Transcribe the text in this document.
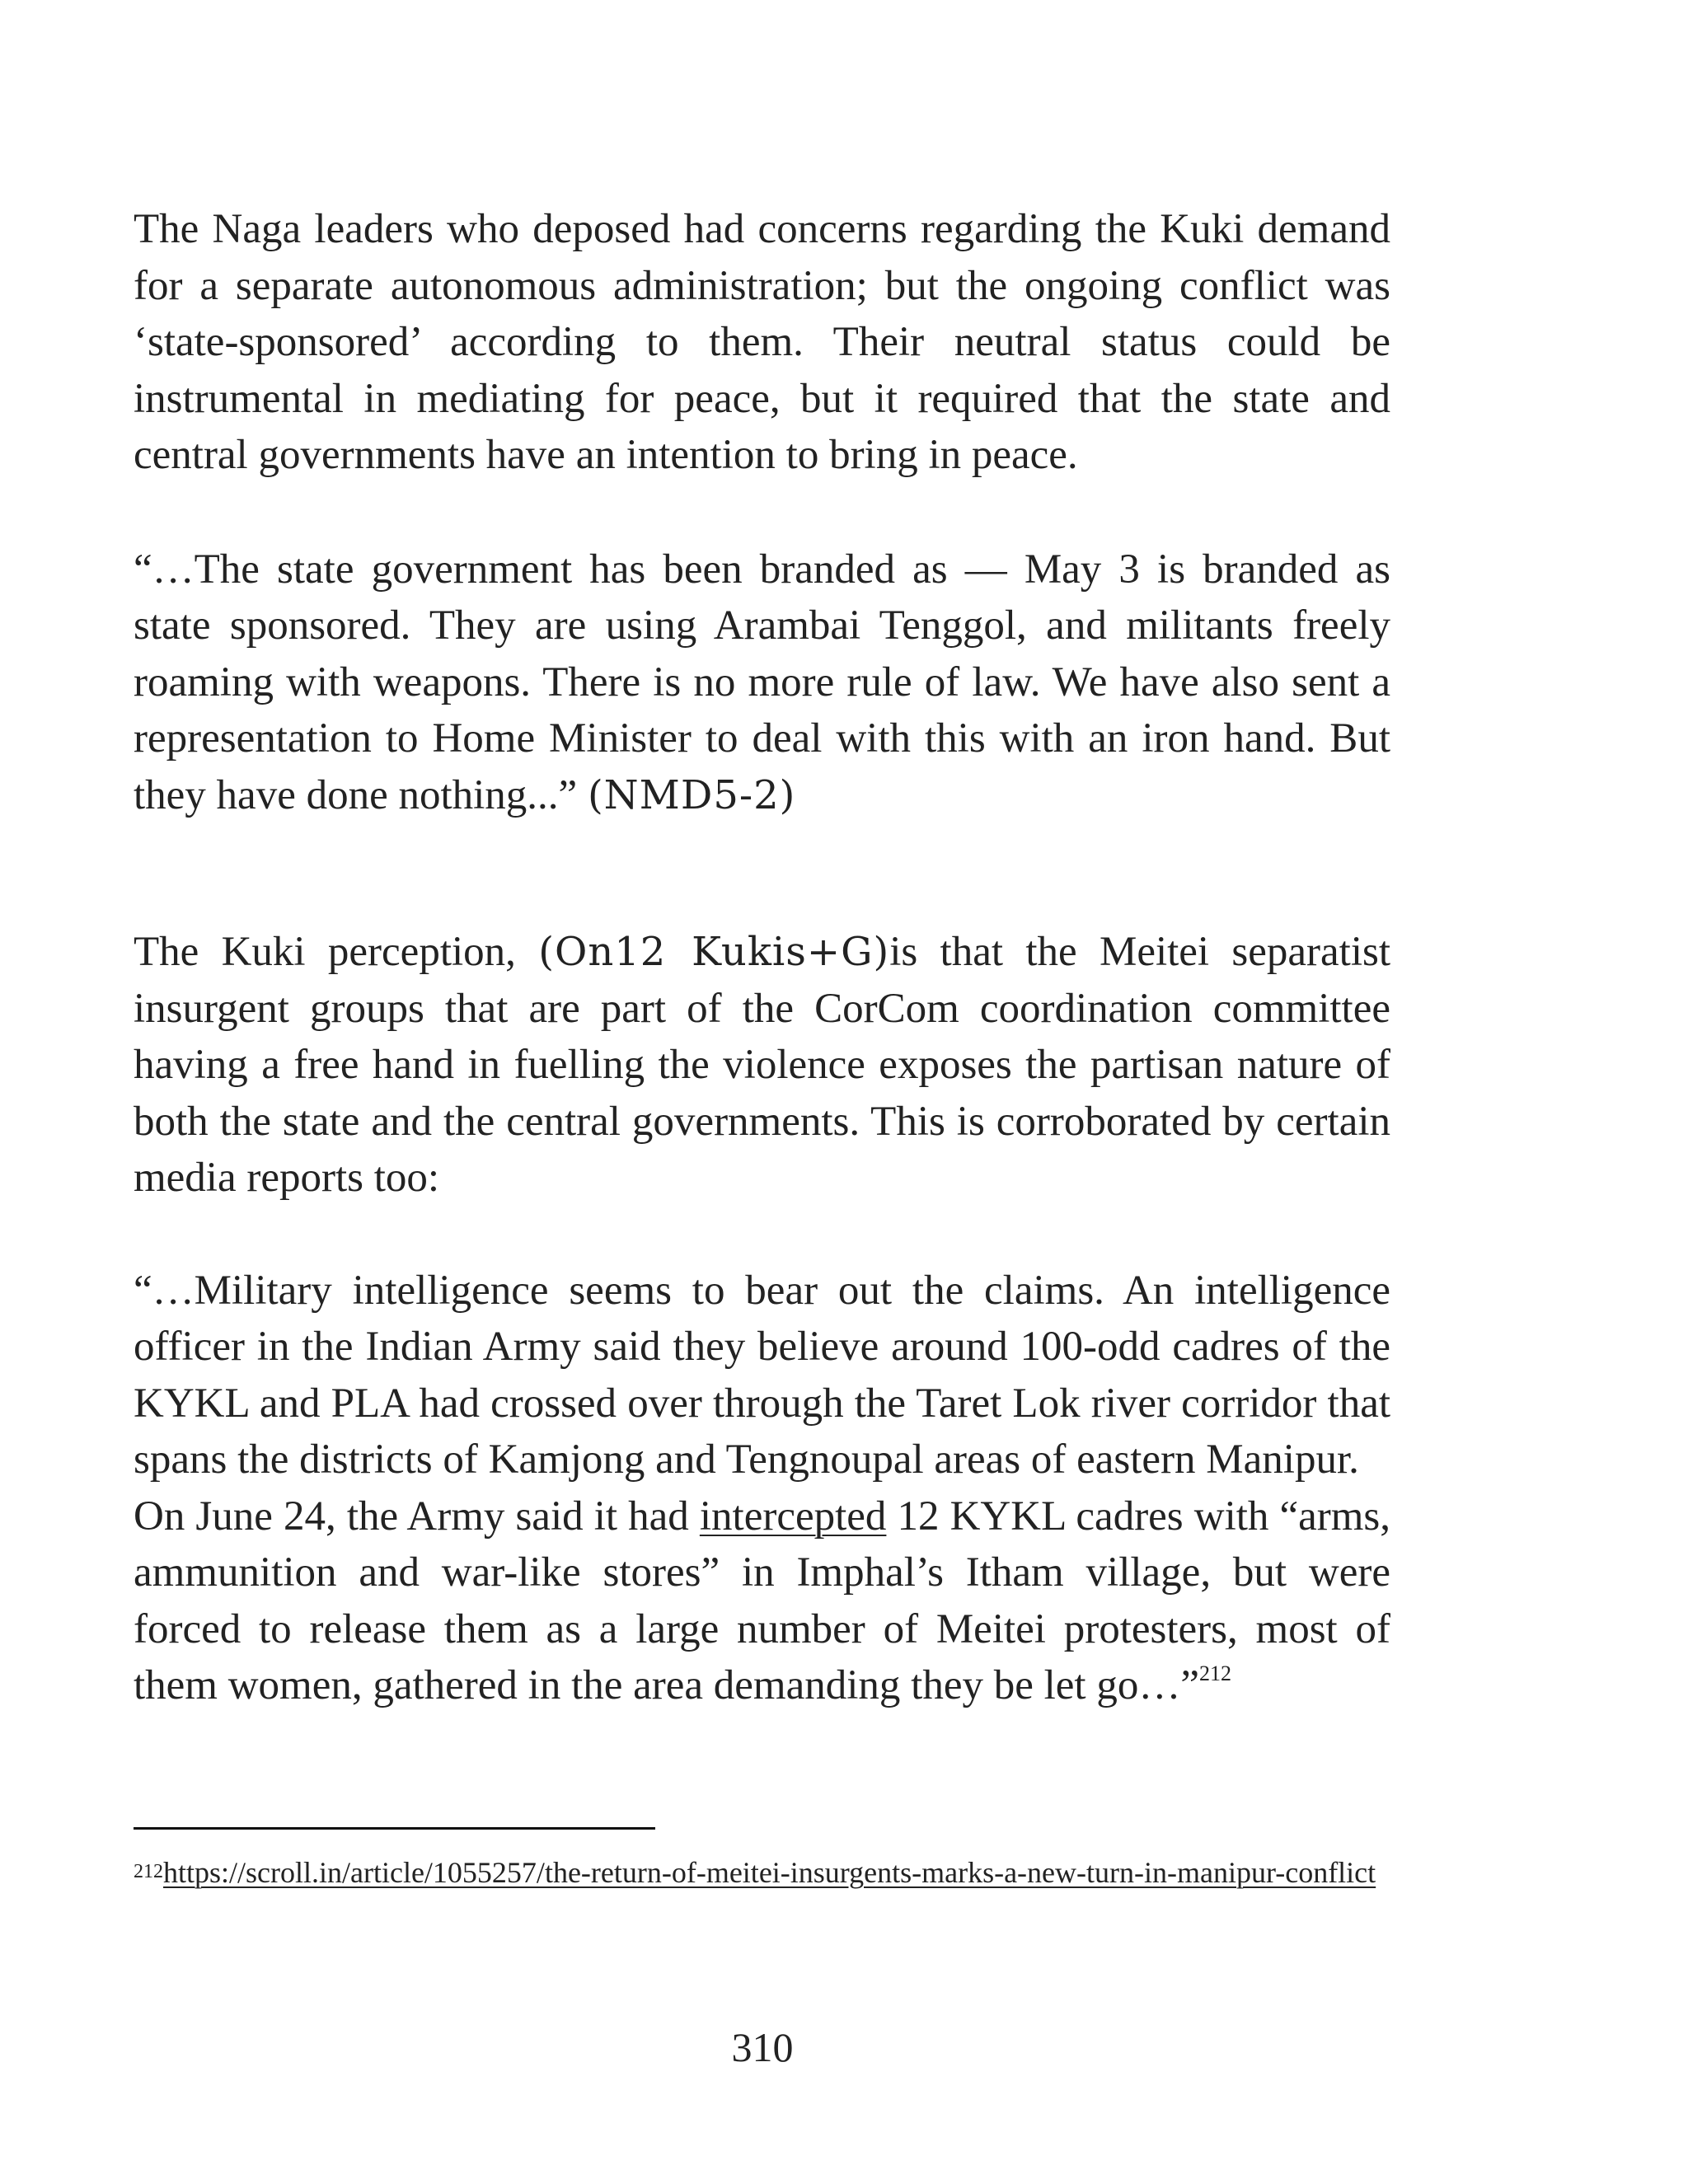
The Naga leaders who deposed had concerns regarding the Kuki demand for a separate autonomous administration; but the ongoing conflict was ‘state-sponsored’ according to them. Their neutral status could be instrumental in mediating for peace, but it required that the state and central governments have an intention to bring in peace.

“…The state government has been branded as — May 3 is branded as state sponsored. They are using Arambai Tenggol, and militants freely roaming with weapons. There is no more rule of law. We have also sent a representation to Home Minister to deal with this with an iron hand. But they have done nothing...” (NMD5-2)

The Kuki perception, (On12 Kukis+G)is that the Meitei separatist insurgent groups that are part of the CorCom coordination committee having a free hand in fuelling the violence exposes the partisan nature of both the state and the central governments. This is corroborated by certain media reports too:

“…Military intelligence seems to bear out the claims. An intelligence officer in the Indian Army said they believe around 100-odd cadres of the KYKL and PLA had crossed over through the Taret Lok river corridor that spans the districts of Kamjong and Tengnoupal areas of eastern Manipur.

On June 24, the Army said it had intercepted 12 KYKL cadres with “arms, ammunition and war-like stores” in Imphal’s Itham village, but were forced to release them as a large number of Meitei protesters, most of them women, gathered in the area demanding they be let go…”$^{212}$

$^{212}$https://scroll.in/article/1055257/the-return-of-meitei-insurgents-marks-a-new-turn-in-manipur-conflict
310
